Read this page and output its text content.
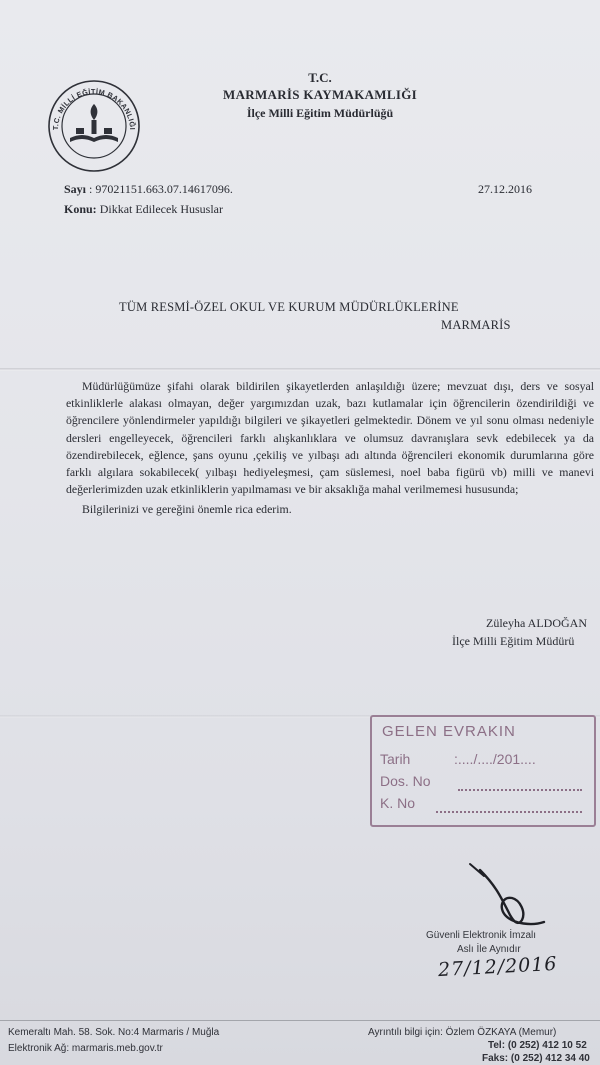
T.C. MİLLİ EĞİTİM BAKANLIĞI
T.C.
MARMARİS KAYMAKAMLIĞI
İlçe Milli Eğitim Müdürlüğü
Sayı : 97021151.663.07.14617096.	27.12.2016
Konu: Dikkat Edilecek Hususlar
TÜM RESMİ-ÖZEL OKUL VE KURUM MÜDÜRLÜKLERİNE
MARMARİS

Müdürlüğümüze şifahi olarak bildirilen şikayetlerden anlaşıldığı üzere; mevzuat dışı, ders ve sosyal etkinliklerle alakası olmayan, değer yargımızdan uzak, bazı kutlamalar için öğrencilerin özendirildiği ve öğrencilere yönlendirmeler yapıldığı bilgileri ve şikayetleri gelmektedir. Dönem ve yıl sonu olması nedeniyle dersleri engelleyecek, öğrencileri farklı alışkanlıklara ve olumsuz davranışlara sevk edebilecek ya da özendirebilecek, eğlence, şans oyunu ,çekiliş ve yılbaşı adı altında öğrencileri ekonomik durumlarına göre farklı algılara sokabilecek( yılbaşı hediyeleşmesi, çam süslemesi, noel baba figürü vb) milli ve manevi değerlerimizden uzak etkinliklerin yapılmaması ve bir aksaklığa mahal verilmemesi hususunda;

Bilgilerinizi ve gereğini önemle rica ederim.

Züleyha ALDOĞAN
İlçe Milli Eğitim Müdürü
GELEN EVRAKIN
Tarih	:..../..../201....
Dos. No
K. No
Güvenli Elektronik İmzalı
Aslı İle Aynıdır
27/12/2016
Kemeraltı Mah. 58. Sok. No:4 Marmaris / Muğla
Elektronik Ağ: marmaris.meb.gov.tr
Ayrıntılı bilgi için: Özlem ÖZKAYA (Memur)
Tel: (0 252) 412 10 52
Faks: (0 252) 412 34 40
